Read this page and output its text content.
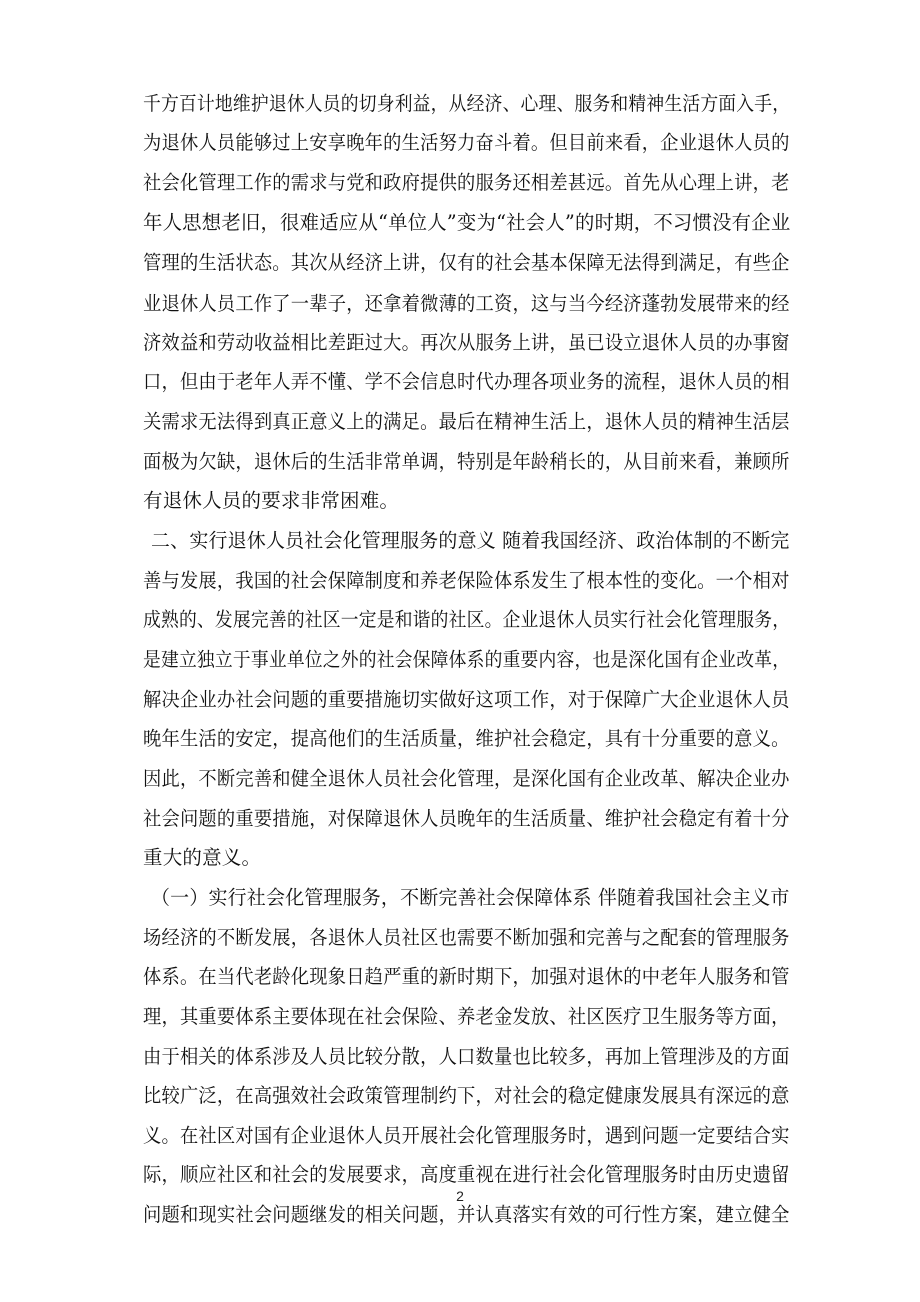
千方百计地维护退休人员的切身利益，从经济、心理、服务和精神生活方面入手，
为退休人员能够过上安享晚年的生活努力奋斗着。但目前来看，企业退休人员的
社会化管理工作的需求与党和政府提供的服务还相差甚远。首先从心理上讲，老
年人思想老旧，很难适应从“单位人”变为“社会人”的时期，不习惯没有企业
管理的生活状态。其次从经济上讲，仅有的社会基本保障无法得到满足，有些企
业退休人员工作了一辈子，还拿着微薄的工资，这与当今经济蓬勃发展带来的经
济效益和劳动收益相比差距过大。再次从服务上讲，虽已设立退休人员的办事窗
口，但由于老年人弄不懂、学不会信息时代办理各项业务的流程，退休人员的相
关需求无法得到真正意义上的满足。最后在精神生活上，退休人员的精神生活层
面极为欠缺，退休后的生活非常单调，特别是年龄稍长的，从目前来看，兼顾所
有退休人员的要求非常困难。
二、实行退休人员社会化管理服务的意义 随着我国经济、政治体制的不断完
善与发展，我国的社会保障制度和养老保险体系发生了根本性的变化。一个相对
成熟的、发展完善的社区一定是和谐的社区。企业退休人员实行社会化管理服务，
是建立独立于事业单位之外的社会保障体系的重要内容，也是深化国有企业改革，
解决企业办社会问题的重要措施切实做好这项工作，对于保障广大企业退休人员
晚年生活的安定，提高他们的生活质量，维护社会稳定，具有十分重要的意义。
因此，不断完善和健全退休人员社会化管理，是深化国有企业改革、解决企业办
社会问题的重要措施，对保障退休人员晚年的生活质量、维护社会稳定有着十分
重大的意义。
（一）实行社会化管理服务，不断完善社会保障体系 伴随着我国社会主义市
场经济的不断发展，各退休人员社区也需要不断加强和完善与之配套的管理服务
体系。在当代老龄化现象日趋严重的新时期下，加强对退休的中老年人服务和管
理，其重要体系主要体现在社会保险、养老金发放、社区医疗卫生服务等方面，
由于相关的体系涉及人员比较分散，人口数量也比较多，再加上管理涉及的方面
比较广泛，在高强效社会政策管理制约下，对社会的稳定健康发展具有深远的意
义。在社区对国有企业退休人员开展社会化管理服务时，遇到问题一定要结合实
际，顺应社区和社会的发展要求，高度重视在进行社会化管理服务时由历史遗留
问题和现实社会问题继发的相关问题，并认真落实有效的可行性方案，建立健全
2
